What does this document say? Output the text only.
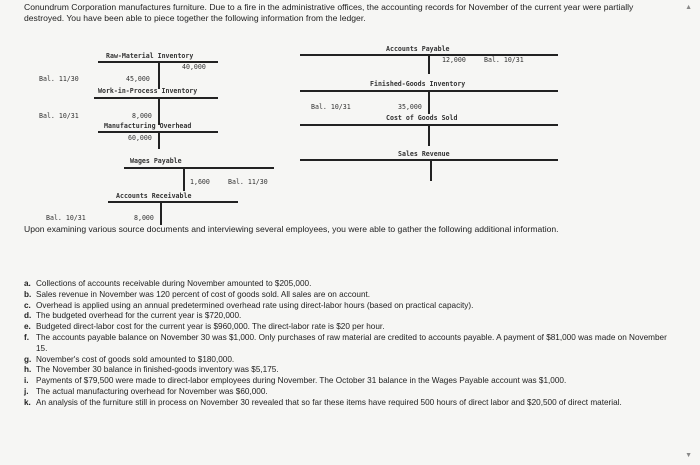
Conundrum Corporation manufactures furniture. Due to a fire in the administrative offices, the accounting records for November of the current year were partially destroyed. You have been able to piece together the following information from the ledger.
▲
Raw-Material Inventory
40,000
Bal. 11/30	45,000
Work-in-Process Inventory
Bal. 10/31	8,000
Manufacturing Overhead
60,000
Wages Payable
1,600	Bal. 11/30
Accounts Receivable
Bal. 10/31	8,000
Accounts Payable
12,000	Bal. 10/31
Finished-Goods Inventory
Bal. 10/31	35,000
Cost of Goods Sold
Sales Revenue
Upon examining various source documents and interviewing several employees, you were able to gather the following additional information.
a. Collections of accounts receivable during November amounted to $205,000.
b. Sales revenue in November was 120 percent of cost of goods sold. All sales are on account.
c. Overhead is applied using an annual predetermined overhead rate using direct-labor hours (based on practical capacity).
d. The budgeted overhead for the current year is $720,000.
e. Budgeted direct-labor cost for the current year is $960,000. The direct-labor rate is $20 per hour.
f. The accounts payable balance on November 30 was $1,000. Only purchases of raw material are credited to accounts payable. A payment of $81,000 was made on November 15.
g. November's cost of goods sold amounted to $180,000.
h. The November 30 balance in finished-goods inventory was $5,175.
i. Payments of $79,500 were made to direct-labor employees during November. The October 31 balance in the Wages Payable account was $1,000.
j. The actual manufacturing overhead for November was $60,000.
k. An analysis of the furniture still in process on November 30 revealed that so far these items have required 500 hours of direct labor and $20,500 of direct material.
▼
